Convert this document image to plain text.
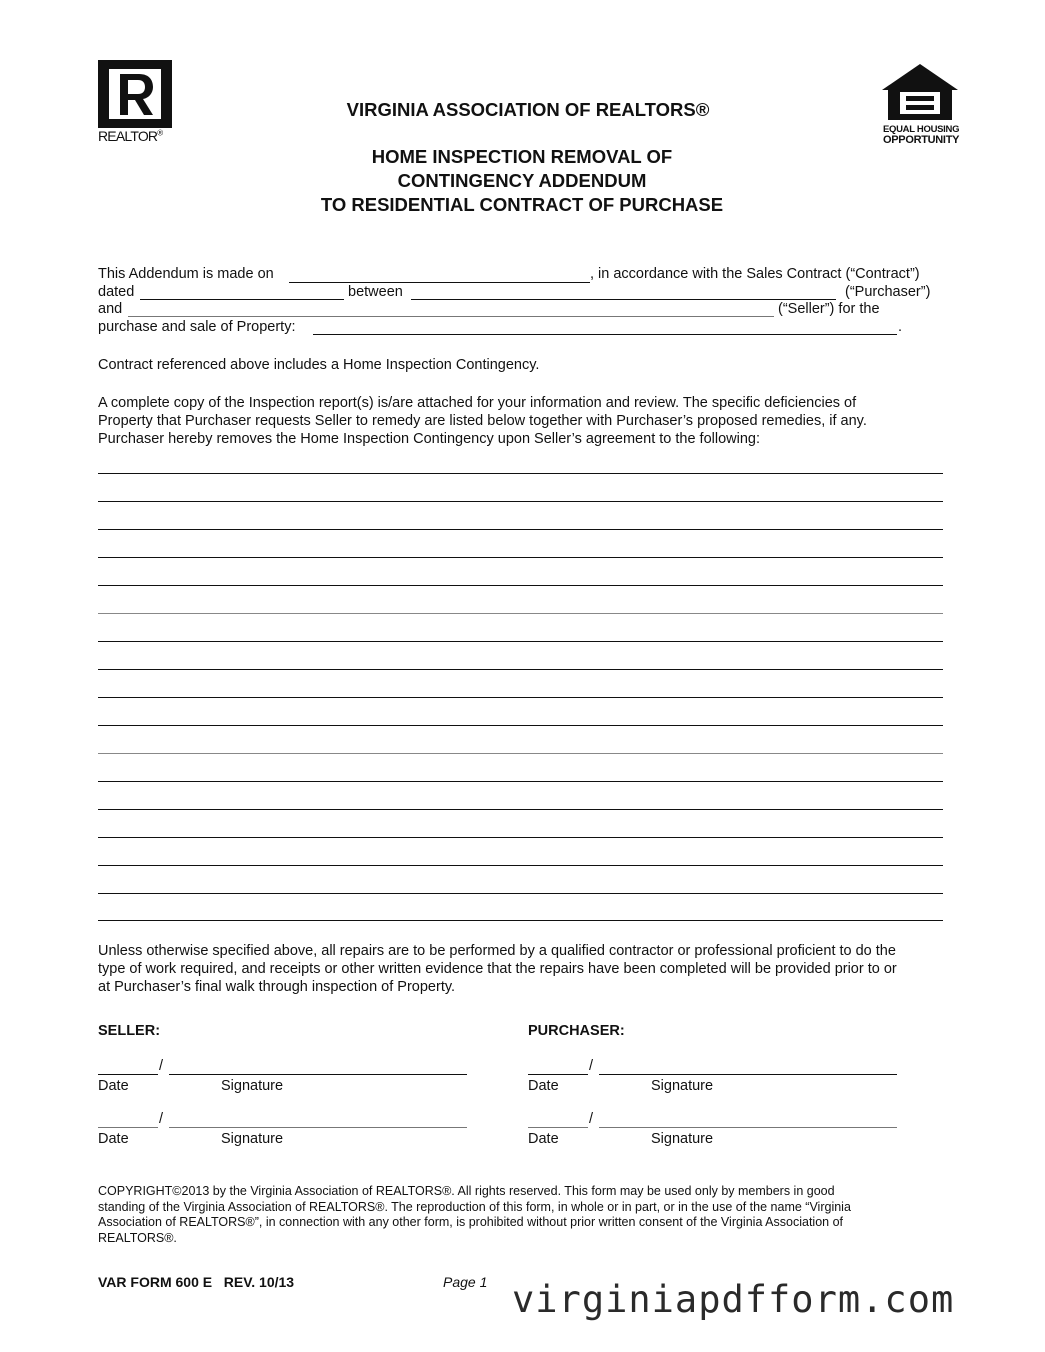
REALTOR®	EQUAL HOUSING
OPPORTUNITY
VIRGINIA ASSOCIATION OF REALTORS®
HOME INSPECTION REMOVAL OF
CONTINGENCY ADDENDUM
TO RESIDENTIAL CONTRACT OF PURCHASE
This Addendum is made on	, in accordance with the Sales Contract (“Contract”)
dated	between	(“Purchaser”)
and	(“Seller”) for the
purchase and sale of Property:	.
Contract referenced above includes a Home Inspection Contingency.
A complete copy of the Inspection report(s) is/are attached for your information and review. The specific deficiencies of
Property that Purchaser requests Seller to remedy are listed below together with Purchaser’s proposed remedies, if any.
Purchaser hereby removes the Home Inspection Contingency upon Seller’s agreement to the following:
Unless otherwise specified above, all repairs are to be performed by a qualified contractor or professional proficient to do the
type of work required, and receipts or other written evidence that the repairs have been completed will be provided prior to or
at Purchaser’s final walk through inspection of Property.
SELLER:	PURCHASER:
/
Date	Signature
/
Date	Signature
/
Date	Signature
/
Date	Signature
COPYRIGHT©2013 by the Virginia Association of REALTORS®. All rights reserved. This form may be used only by members in good
standing of the Virginia Association of REALTORS®. The reproduction of this form, in whole or in part, or in the use of the name “Virginia
Association of REALTORS®”, in connection with any other form, is prohibited without prior written consent of the Virginia Association of
REALTORS®.
VAR FORM 600 E   REV. 10/13	Page 1 virginiapdfform.com
